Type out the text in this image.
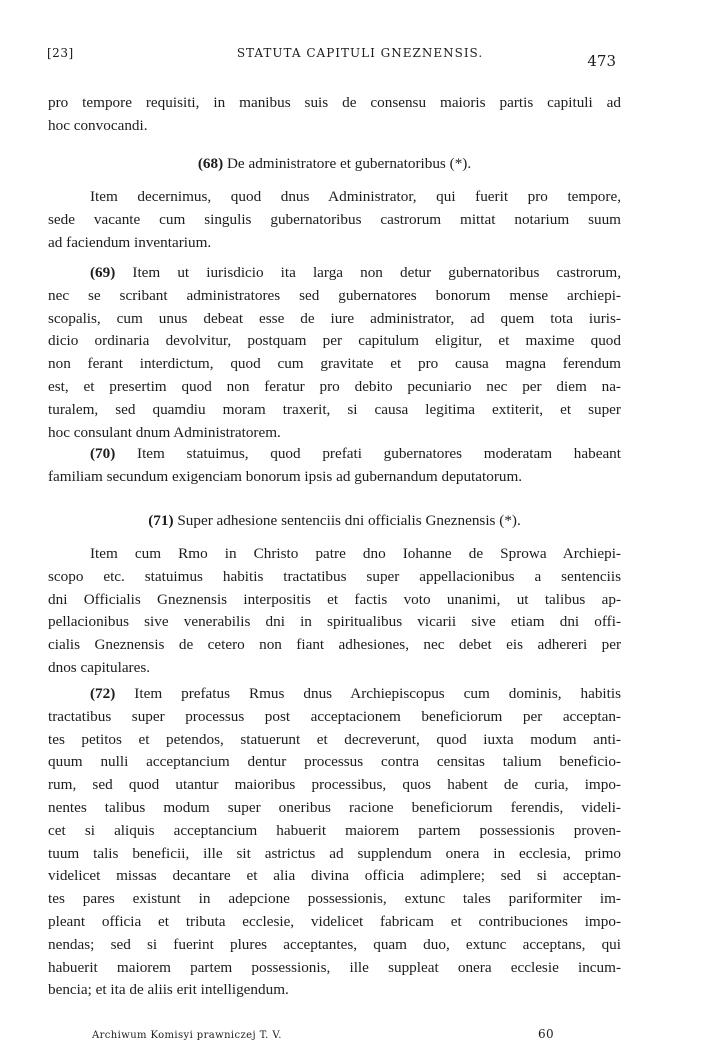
[23]	STATUTA CAPITULI GNEZNENSIS.	473
pro tempore requisiti, in manibus suis de consensu maioris partis capituli ad
hoc convocandi.
(68) De administratore et gubernatoribus (*).
Item decernimus, quod dnus Administrator, qui fuerit pro tempore,
sede vacante cum singulis gubernatoribus castrorum mittat notarium suum
ad faciendum inventarium.
(69) Item ut iurisdicio ita larga non detur gubernatoribus castrorum,
nec se scribant administratores sed gubernatores bonorum mense archiepi-
scopalis, cum unus debeat esse de iure administrator, ad quem tota iuris-
dicio ordinaria devolvitur, postquam per capitulum eligitur, et maxime quod
non ferant interdictum, quod cum gravitate et pro causa magna ferendum
est, et presertim quod non feratur pro debito pecuniario nec per diem na-
turalem, sed quamdiu moram traxerit, si causa legitima extiterit, et super
hoc consulant dnum Administratorem.
(70) Item statuimus, quod prefati gubernatores moderatam habeant
familiam secundum exigenciam bonorum ipsis ad gubernandum deputatorum.
(71) Super adhesione sentenciis dni officialis Gneznensis (*).
Item cum Rmo in Christo patre dno Iohanne de Sprowa Archiepi-
scopo etc. statuimus habitis tractatibus super appellacionibus a sentenciis
dni Officialis Gneznensis interpositis et factis voto unanimi, ut talibus ap-
pellacionibus sive venerabilis dni in spiritualibus vicarii sive etiam dni offi-
cialis Gneznensis de cetero non fiant adhesiones, nec debet eis adhereri per
dnos capitulares.
(72) Item prefatus Rmus dnus Archiepiscopus cum dominis, habitis
tractatibus super processus post acceptacionem beneficiorum per acceptan-
tes petitos et petendos, statuerunt et decreverunt, quod iuxta modum anti-
quum nulli acceptancium dentur processus contra censitas talium beneficio-
rum, sed quod utantur maioribus processibus, quos habent de curia, impo-
nentes talibus modum super oneribus racione beneficiorum ferendis, videli-
cet si aliquis acceptancium habuerit maiorem partem possessionis proven-
tuum talis beneficii, ille sit astrictus ad supplendum onera in ecclesia, primo
videlicet missas decantare et alia divina officia adimplere; sed si acceptan-
tes pares existunt in adepcione possessionis, extunc tales pariformiter im-
pleant officia et tributa ecclesie, videlicet fabricam et contribuciones impo-
nendas; sed si fuerint plures acceptantes, quam duo, extunc acceptans, qui
habuerit maiorem partem possessionis, ille suppleat onera ecclesie incum-
bencia; et ita de aliis erit intelligendum.
Archiwum Komisyi prawniczej T. V.	60
